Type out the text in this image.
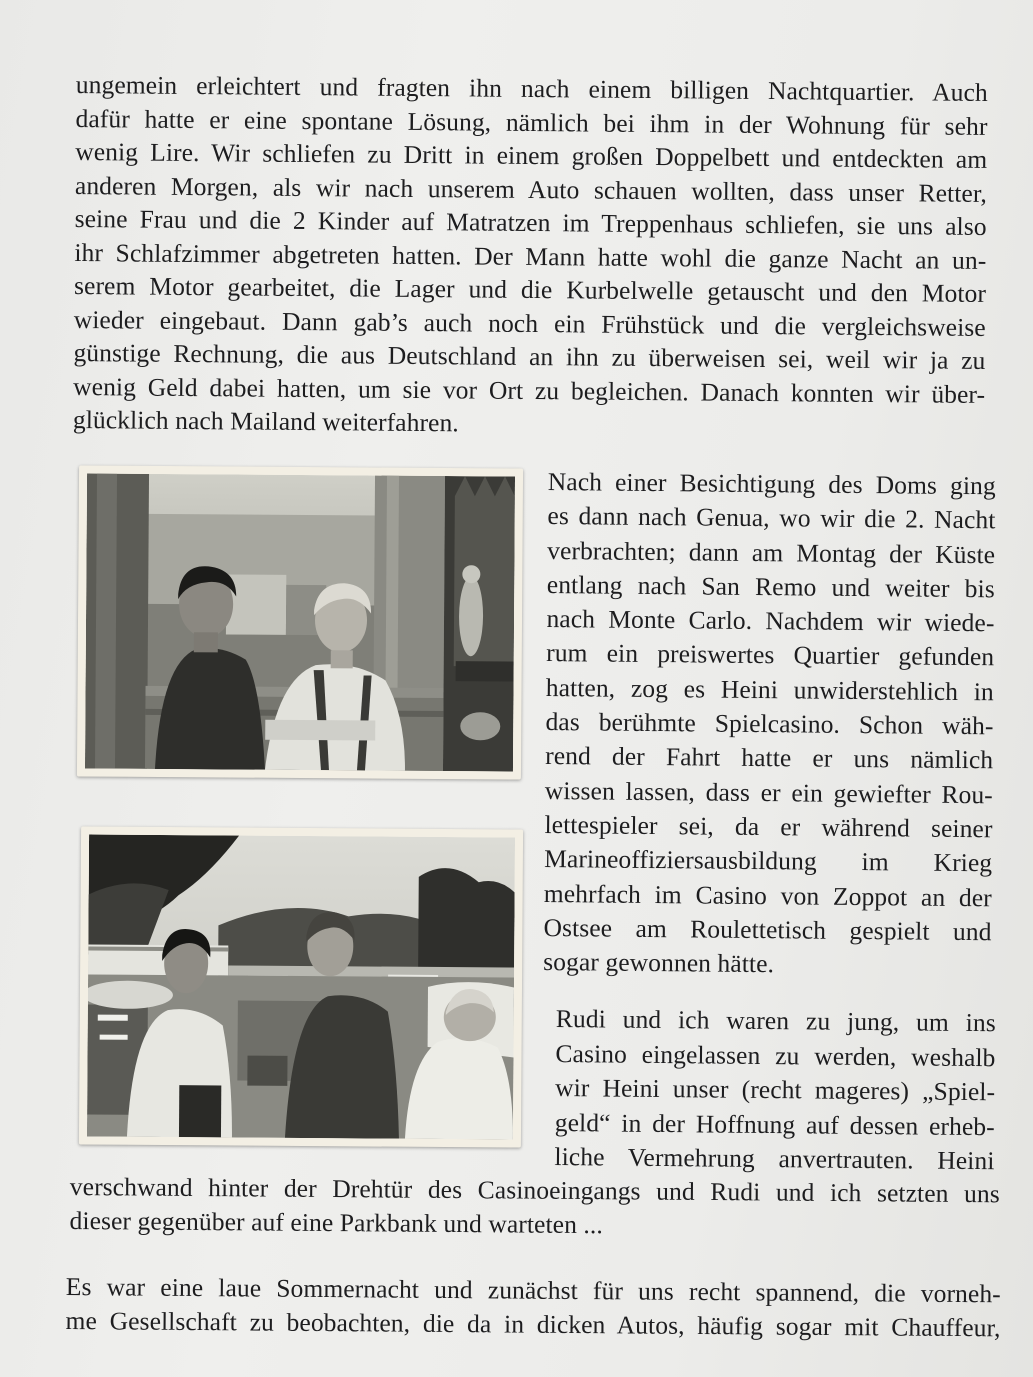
ungemein erleichtert und fragten ihn nach einem billigen Nachtquartier. Auch
dafür hatte er eine spontane Lösung, nämlich bei ihm in der Wohnung für sehr
wenig Lire. Wir schliefen zu Dritt in einem großen Doppelbett und entdeckten am
anderen Morgen, als wir nach unserem Auto schauen wollten, dass unser Retter,
seine Frau und die 2 Kinder auf Matratzen im Treppenhaus schliefen, sie uns also
ihr Schlafzimmer abgetreten hatten. Der Mann hatte wohl die ganze Nacht an un-
serem Motor gearbeitet, die Lager und die Kurbelwelle getauscht und den Motor
wieder eingebaut. Dann gab’s auch noch ein Frühstück und die vergleichsweise
günstige Rechnung, die aus Deutschland an ihn zu überweisen sei, weil wir ja zu
wenig Geld dabei hatten, um sie vor Ort zu begleichen. Danach konnten wir über-
glücklich nach Mailand weiterfahren.
Nach einer Besichtigung des Doms ging
es dann nach Genua, wo wir die 2. Nacht
verbrachten; dann am Montag der Küste
entlang nach San Remo und weiter bis
nach Monte Carlo. Nachdem wir wiede-
rum ein preiswertes Quartier gefunden
hatten, zog es Heini unwiderstehlich in
das berühmte Spielcasino. Schon wäh-
rend der Fahrt hatte er uns nämlich
wissen lassen, dass er ein gewiefter Rou-
lettespieler sei, da er während seiner
Marineoffiziersausbildung im Krieg
mehrfach im Casino von Zoppot an der
Ostsee am Roulettetisch gespielt und
sogar gewonnen hätte.
Rudi und ich waren zu jung, um ins
Casino eingelassen zu werden, weshalb
wir Heini unser (recht mageres) „Spiel-
geld“ in der Hoffnung auf dessen erheb-
liche Vermehrung anvertrauten. Heini
verschwand hinter der Drehtür des Casinoeingangs und Rudi und ich setzten uns
dieser gegenüber auf eine Parkbank und warteten ...
Es war eine laue Sommernacht und zunächst für uns recht spannend, die vorneh-
me Gesellschaft zu beobachten, die da in dicken Autos, häufig sogar mit Chauffeur,
